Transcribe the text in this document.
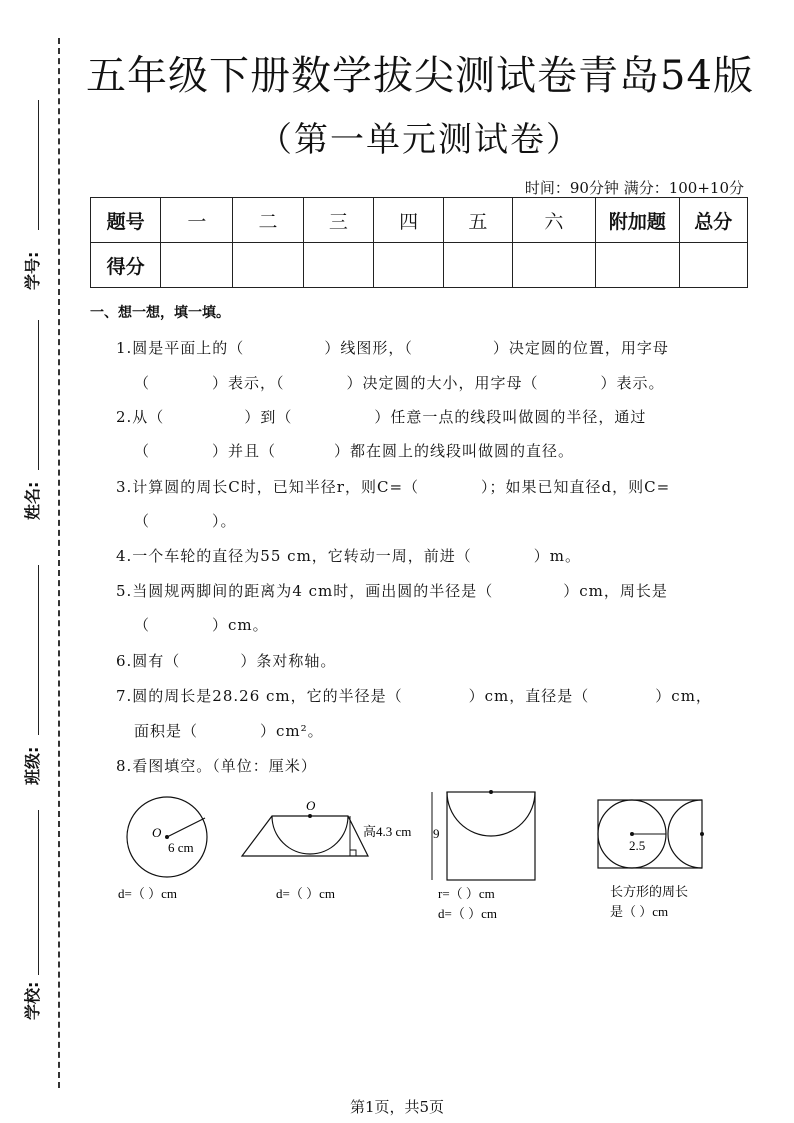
学号:
姓名:
班级:
学校:
五年级下册数学拔尖测试卷青岛54版
（第一单元测试卷）
时间：90分钟 满分：100+10分
题号	一	二	三	四	五	六	附加题	总分
得分								
一、想一想，填一填。
1.圆是平面上的（	）线图形，（	）决定圆的位置，用字母
（	）表示，（	）决定圆的大小，用字母（	）表示。
2.从（	）到（	）任意一点的线段叫做圆的半径，通过
（	）并且（	）都在圆上的线段叫做圆的直径。
3.计算圆的周长C时，已知半径r，则C=（	）；如果已知直径d，则C=
（	）。
4.一个车轮的直径为55 cm，它转动一周，前进（	）m。
5.当圆规两脚间的距离为4 cm时，画出圆的半径是（	）cm，周长是
（	）cm。
6.圆有（	）条对称轴。
7.圆的周长是28.26 cm，它的半径是（	）cm，直径是（	）cm，
面积是（	）cm²。
8.看图填空。（单位：厘米）
O
6 cm
d=（ ）cm
O
高4.3 cm
d=（ ）cm
9
r=（ ）cm
d=（ ）cm
2.5
长方形的周长
是（ ）cm
第1页，共5页
